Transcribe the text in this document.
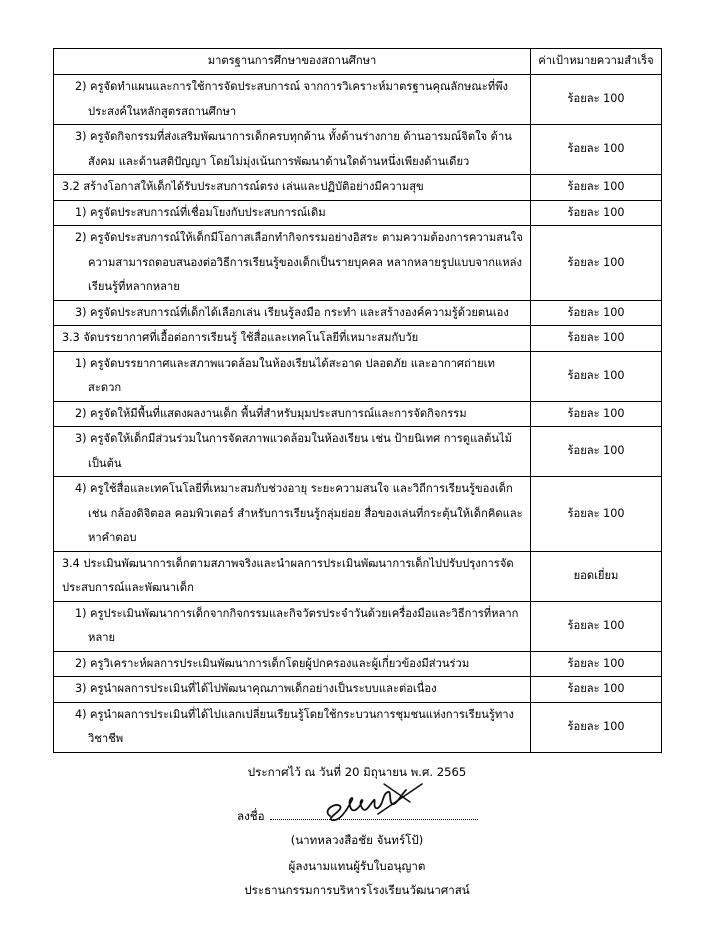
มาตรฐานการศึกษาของสถานศึกษา	ค่าเป้าหมายความสำเร็จ

2) ครูจัดทำแผนและการใช้การจัดประสบการณ์ จากการวิเคราะห์มาตรฐานคุณลักษณะที่พึงประสงค์ในหลักสูตรสถานศึกษา	ร้อยละ 100

3) ครูจัดกิจกรรมที่ส่งเสริมพัฒนาการเด็กครบทุกด้าน ทั้งด้านร่างกาย ด้านอารมณ์จิตใจ ด้านสังคม และด้านสติปัญญา โดยไม่มุ่งเน้นการพัฒนาด้านใดด้านหนึ่งเพียงด้านเดียว	ร้อยละ 100

3.2 สร้างโอกาสให้เด็กได้รับประสบการณ์ตรง เล่นและปฏิบัติอย่างมีความสุข	ร้อยละ 100

1) ครูจัดประสบการณ์ที่เชื่อมโยงกับประสบการณ์เดิม	ร้อยละ 100

2) ครูจัดประสบการณ์ให้เด็กมีโอกาสเลือกทำกิจกรรมอย่างอิสระ ตามความต้องการความสนใจ ความสามารถตอบสนองต่อวิธีการเรียนรู้ของเด็กเป็นรายบุคคล หลากหลายรูปแบบจากแหล่งเรียนรู้ที่หลากหลาย	ร้อยละ 100

3) ครูจัดประสบการณ์ที่เด็กได้เลือกเล่น เรียนรู้ลงมือ กระทำ และสร้างองค์ความรู้ด้วยตนเอง	ร้อยละ 100

3.3 จัดบรรยากาศที่เอื้อต่อการเรียนรู้ ใช้สื่อและเทคโนโลยีที่เหมาะสมกับวัย	ร้อยละ 100

1) ครูจัดบรรยากาศและสภาพแวดล้อมในห้องเรียนได้สะอาด ปลอดภัย และอากาศถ่ายเทสะดวก	ร้อยละ 100

2) ครูจัดให้มีพื้นที่แสดงผลงานเด็ก พื้นที่สำหรับมุมประสบการณ์และการจัดกิจกรรม	ร้อยละ 100

3) ครูจัดให้เด็กมีส่วนร่วมในการจัดสภาพแวดล้อมในห้องเรียน เช่น ป้ายนิเทศ การดูแลต้นไม้ เป็นต้น	ร้อยละ 100

4) ครูใช้สื่อและเทคโนโลยีที่เหมาะสมกับช่วงอายุ ระยะความสนใจ และวิถีการเรียนรู้ของเด็ก เช่น กล้องดิจิตอล คอมพิวเตอร์ สำหรับการเรียนรู้กลุ่มย่อย สื่อของเล่นที่กระตุ้นให้เด็กคิดและหาคำตอบ	ร้อยละ 100

3.4 ประเมินพัฒนาการเด็กตามสภาพจริงและนำผลการประเมินพัฒนาการเด็กไปปรับปรุงการจัดประสบการณ์และพัฒนาเด็ก	ยอดเยี่ยม

1) ครูประเมินพัฒนาการเด็กจากกิจกรรมและกิจวัตรประจำวันด้วยเครื่องมือและวิธีการที่หลากหลาย	ร้อยละ 100

2) ครูวิเคราะห์ผลการประเมินพัฒนาการเด็กโดยผู้ปกครองและผู้เกี่ยวข้องมีส่วนร่วม	ร้อยละ 100

3) ครูนำผลการประเมินที่ได้ไปพัฒนาคุณภาพเด็กอย่างเป็นระบบและต่อเนื่อง	ร้อยละ 100

4) ครูนำผลการประเมินที่ได้ไปแลกเปลี่ยนเรียนรู้โดยใช้กระบวนการชุมชนแห่งการเรียนรู้ทางวิชาชีพ	ร้อยละ 100
ประกาศไว้ ณ วันที่ 20 มิถุนายน พ.ศ. 2565
ลงชื่อ
(นาทหลวงสือชัย จันทร์โป้)
ผู้ลงนามแทนผู้รับใบอนุญาต
ประธานกรรมการบริหารโรงเรียนวัฒนาศาสน์
